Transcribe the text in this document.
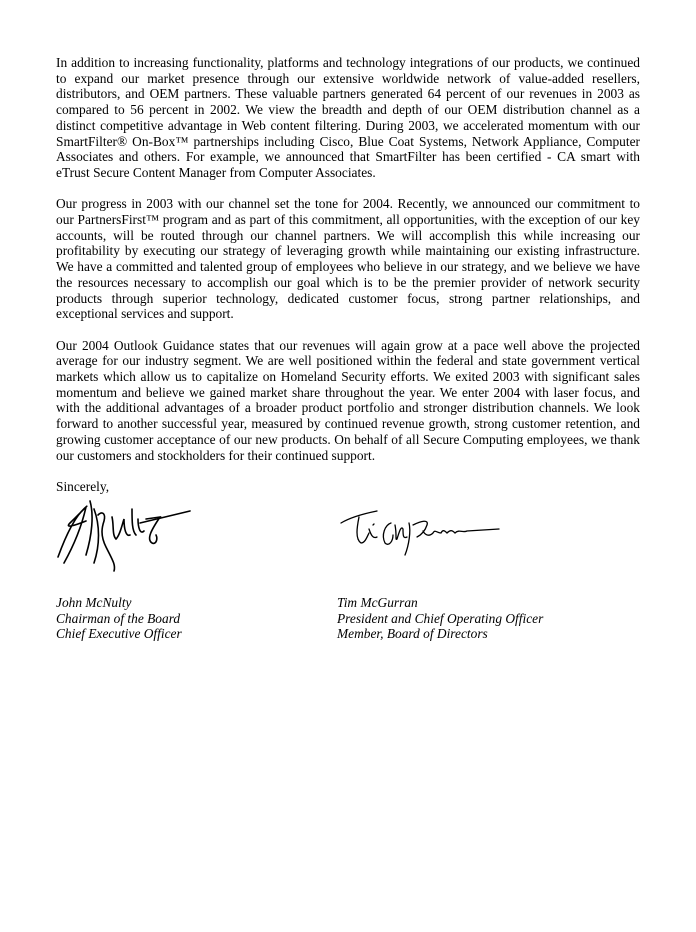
In addition to increasing functionality, platforms and technology integrations of our products, we continued to expand our market presence through our extensive worldwide network of value-added resellers, distributors, and OEM partners. These valuable partners generated 64 percent of our revenues in 2003 as compared to 56 percent in 2002. We view the breadth and depth of our OEM distribution channel as a distinct competitive advantage in Web content filtering. During 2003, we accelerated momentum with our SmartFilter® On-Box™ partnerships including Cisco, Blue Coat Systems, Network Appliance, Computer Associates and others. For example, we announced that SmartFilter has been certified - CA smart with eTrust Secure Content Manager from Computer Associates.

Our progress in 2003 with our channel set the tone for 2004. Recently, we announced our commitment to our PartnersFirst™ program and as part of this commitment, all opportunities, with the exception of our key accounts, will be routed through our channel partners. We will accomplish this while increasing our profitability by executing our strategy of leveraging growth while maintaining our existing infrastructure. We have a committed and talented group of employees who believe in our strategy, and we believe we have the resources necessary to accomplish our goal which is to be the premier provider of network security products through superior technology, dedicated customer focus, strong partner relationships, and exceptional services and support.

Our 2004 Outlook Guidance states that our revenues will again grow at a pace well above the projected average for our industry segment. We are well positioned within the federal and state government vertical markets which allow us to capitalize on Homeland Security efforts. We exited 2003 with significant sales momentum and believe we gained market share throughout the year. We enter 2004 with laser focus, and with the additional advantages of a broader product portfolio and stronger distribution channels. We look forward to another successful year, measured by continued revenue growth, strong customer retention, and growing customer acceptance of our new products. On behalf of all Secure Computing employees, we thank our customers and stockholders for their continued support.

Sincerely,

John McNulty
Chairman of the Board
Chief Executive Officer
Tim McGurran
President and Chief Operating Officer
Member, Board of Directors
